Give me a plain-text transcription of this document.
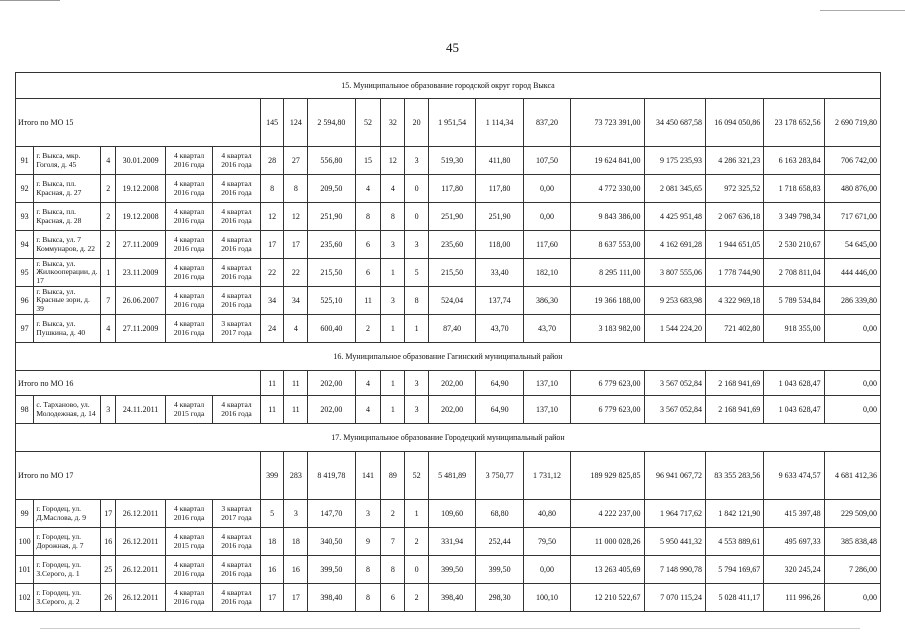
45
15. Муниципальное образование городской округ город Выкса																			
Итого по МО 15						145	124	2 594,80	52	32	20	1 951,54	1 114,34	837,20	73 723 391,00	34 450 687,58	16 094 050,86	23 178 652,56	2 690 719,80
91	г. Выкса, мкр. Гоголя, д. 45	4	30.01.2009	4 квартал 2016 года	4 квартал 2016 года	28	27	556,80	15	12	3	519,30	411,80	107,50	19 624 841,00	9 175 235,93	4 286 321,23	6 163 283,84	706 742,00
92	г. Выкса, пл. Красная, д. 27	2	19.12.2008	4 квартал 2016 года	4 квартал 2016 года	8	8	209,50	4	4	0	117,80	117,80	0,00	4 772 330,00	2 081 345,65	972 325,52	1 718 658,83	480 876,00
93	г. Выкса, пл. Красная, д. 28	2	19.12.2008	4 квартал 2016 года	4 квартал 2016 года	12	12	251,90	8	8	0	251,90	251,90	0,00	9 843 386,00	4 425 951,48	2 067 636,18	3 349 798,34	717 671,00
94	г. Выкса, ул. 7 Коммунаров, д. 22	2	27.11.2009	4 квартал 2016 года	4 квартал 2016 года	17	17	235,60	6	3	3	235,60	118,00	117,60	8 637 553,00	4 162 691,28	1 944 651,05	2 530 210,67	54 645,00
95	г. Выкса, ул. Жилкооперации, д. 17	1	23.11.2009	4 квартал 2016 года	4 квартал 2016 года	22	22	215,50	6	1	5	215,50	33,40	182,10	8 295 111,00	3 807 555,06	1 778 744,90	2 708 811,04	444 446,00
96	г. Выкса, ул. Красные зори, д. 39	7	26.06.2007	4 квартал 2016 года	4 квартал 2016 года	34	34	525,10	11	3	8	524,04	137,74	386,30	19 366 188,00	9 253 683,98	4 322 969,18	5 789 534,84	286 339,80
97	г. Выкса, ул. Пушкина, д. 40	4	27.11.2009	4 квартал 2016 года	3 квартал 2017 года	24	4	600,40	2	1	1	87,40	43,70	43,70	3 183 982,00	1 544 224,20	721 402,80	918 355,00	0,00
16. Муниципальное образование Гагинский муниципальный район																			
Итого по МО 16						11	11	202,00	4	1	3	202,00	64,90	137,10	6 779 623,00	3 567 052,84	2 168 941,69	1 043 628,47	0,00
98	с. Тарханово, ул. Молодежная, д. 14	3	24.11.2011	4 квартал 2015 года	4 квартал 2016 года	11	11	202,00	4	1	3	202,00	64,90	137,10	6 779 623,00	3 567 052,84	2 168 941,69	1 043 628,47	0,00
17. Муниципальное образование Городецкий муниципальный район																			
Итого по МО 17						399	283	8 419,78	141	89	52	5 481,89	3 750,77	1 731,12	189 929 825,85	96 941 067,72	83 355 283,56	9 633 474,57	4 681 412,36
99	г. Городец, ул. Д.Маслова, д. 9	17	26.12.2011	4 квартал 2016 года	3 квартал 2017 года	5	3	147,70	3	2	1	109,60	68,80	40,80	4 222 237,00	1 964 717,62	1 842 121,90	415 397,48	229 509,00
100	г. Городец, ул. Дорожная, д. 7	16	26.12.2011	4 квартал 2015 года	4 квартал 2016 года	18	18	340,50	9	7	2	331,94	252,44	79,50	11 000 028,26	5 950 441,32	4 553 889,61	495 697,33	385 838,48
101	г. Городец, ул. З.Серого, д. 1	25	26.12.2011	4 квартал 2016 года	4 квартал 2016 года	16	16	399,50	8	8	0	399,50	399,50	0,00	13 263 405,69	7 148 990,78	5 794 169,67	320 245,24	7 286,00
102	г. Городец, ул. З.Серого, д. 2	26	26.12.2011	4 квартал 2016 года	4 квартал 2016 года	17	17	398,40	8	6	2	398,40	298,30	100,10	12 210 522,67	7 070 115,24	5 028 411,17	111 996,26	0,00
